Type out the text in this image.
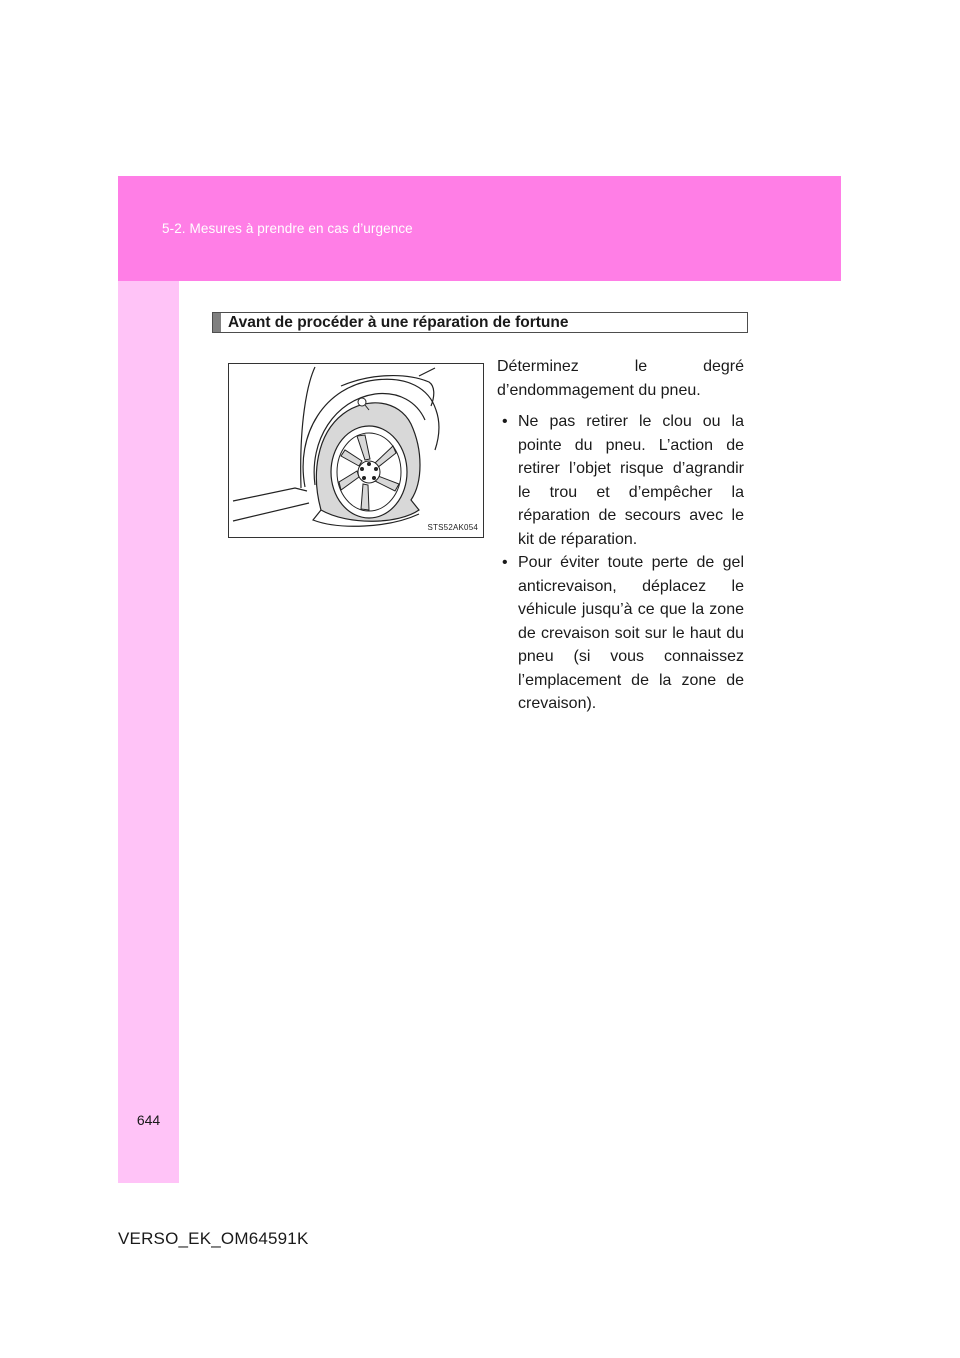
5-2. Mesures à prendre en cas d’urgence
644
VERSO_EK_OM64591K
Avant de procéder à une réparation de fortune
STS52AK054

Déterminez le degré d’endommagement du pneu.

• Ne pas retirer le clou ou la pointe du pneu. L’action de retirer l’objet risque d’agrandir le trou et d’empêcher la réparation de secours avec le kit de réparation.
• Pour éviter toute perte de gel anticrevaison, déplacez le véhicule jusqu’à ce que la zone de crevaison soit sur le haut du pneu (si vous connaissez l’emplacement de la zone de crevaison).
